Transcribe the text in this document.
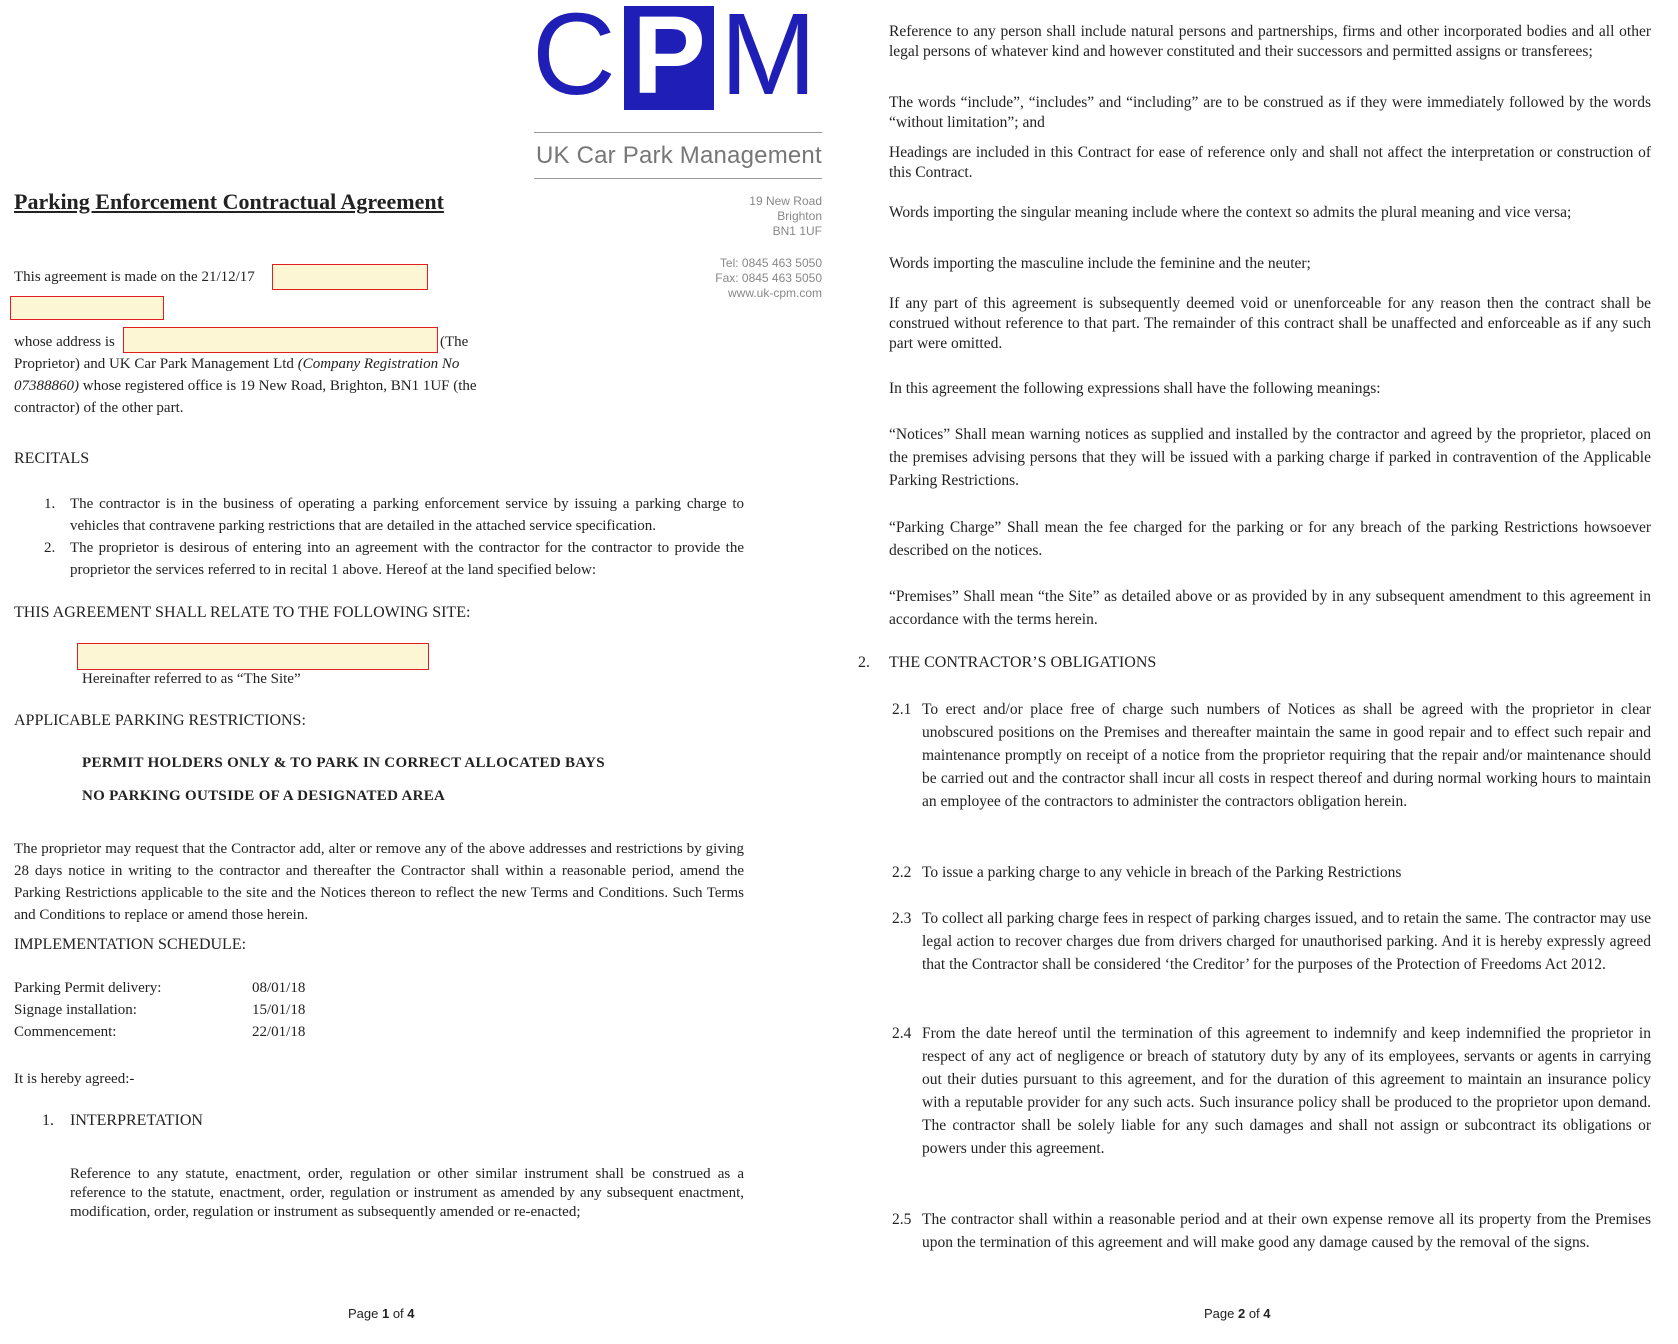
C P M
UK Car Park Management
19 New Road
Brighton
BN1 1UF
Tel: 0845 463 5050
Fax: 0845 463 5050
www.uk-cpm.com
Parking Enforcement Contractual Agreement
This agreement is made on the 21/12/17
whose address is	(The
Proprietor) and UK Car Park Management Ltd (Company Registration No 07388860) whose registered office is 19 New Road, Brighton, BN1 1UF (the contractor) of the other part.
RECITALS
1. The contractor is in the business of operating a parking enforcement service by issuing a parking charge to vehicles that contravene parking restrictions that are detailed in the attached service specification.
2. The proprietor is desirous of entering into an agreement with the contractor for the contractor to provide the proprietor the services referred to in recital 1 above. Hereof at the land specified below:
THIS AGREEMENT SHALL RELATE TO THE FOLLOWING SITE:
Hereinafter referred to as “The Site”
APPLICABLE PARKING RESTRICTIONS:
PERMIT HOLDERS ONLY & TO PARK IN CORRECT ALLOCATED BAYS
NO PARKING OUTSIDE OF A DESIGNATED AREA
The proprietor may request that the Contractor add, alter or remove any of the above addresses and restrictions by giving 28 days notice in writing to the contractor and thereafter the Contractor shall within a reasonable period, amend the Parking Restrictions applicable to the site and the Notices thereon to reflect the new Terms and Conditions. Such Terms and Conditions to replace or amend those herein.
IMPLEMENTATION SCHEDULE:
Parking Permit delivery:	08/01/18
Signage installation:	15/01/18
Commencement:	22/01/18
It is hereby agreed:-
1. INTERPRETATION
Reference to any statute, enactment, order, regulation or other similar instrument shall be construed as a reference to the statute, enactment, order, regulation or instrument as amended by any subsequent enactment, modification, order, regulation or instrument as subsequently amended or re-enacted;
Page 1 of 4
Reference to any person shall include natural persons and partnerships, firms and other incorporated bodies and all other legal persons of whatever kind and however constituted and their successors and permitted assigns or transferees;
The words “include”, “includes” and “including” are to be construed as if they were immediately followed by the words “without limitation”; and
Headings are included in this Contract for ease of reference only and shall not affect the interpretation or construction of this Contract.
Words importing the singular meaning include where the context so admits the plural meaning and vice versa;
Words importing the masculine include the feminine and the neuter;
If any part of this agreement is subsequently deemed void or unenforceable for any reason then the contract shall be construed without reference to that part. The remainder of this contract shall be unaffected and enforceable as if any such part were omitted.
In this agreement the following expressions shall have the following meanings:
“Notices” Shall mean warning notices as supplied and installed by the contractor and agreed by the proprietor, placed on the premises advising persons that they will be issued with a parking charge if parked in contravention of the Applicable Parking Restrictions.
“Parking Charge” Shall mean the fee charged for the parking or for any breach of the parking Restrictions howsoever described on the notices.
“Premises” Shall mean “the Site” as detailed above or as provided by in any subsequent amendment to this agreement in accordance with the terms herein.
2. THE CONTRACTOR’S OBLIGATIONS
2.1 To erect and/or place free of charge such numbers of Notices as shall be agreed with the proprietor in clear unobscured positions on the Premises and thereafter maintain the same in good repair and to effect such repair and maintenance promptly on receipt of a notice from the proprietor requiring that the repair and/or maintenance should be carried out and the contractor shall incur all costs in respect thereof and during normal working hours to maintain an employee of the contractors to administer the contractors obligation herein.
2.2 To issue a parking charge to any vehicle in breach of the Parking Restrictions
2.3 To collect all parking charge fees in respect of parking charges issued, and to retain the same. The contractor may use legal action to recover charges due from drivers charged for unauthorised parking. And it is hereby expressly agreed that the Contractor shall be considered ‘the Creditor’ for the purposes of the Protection of Freedoms Act 2012.
2.4 From the date hereof until the termination of this agreement to indemnify and keep indemnified the proprietor in respect of any act of negligence or breach of statutory duty by any of its employees, servants or agents in carrying out their duties pursuant to this agreement, and for the duration of this agreement to maintain an insurance policy with a reputable provider for any such acts. Such insurance policy shall be produced to the proprietor upon demand. The contractor shall be solely liable for any such damages and shall not assign or subcontract its obligations or powers under this agreement.
2.5 The contractor shall within a reasonable period and at their own expense remove all its property from the Premises upon the termination of this agreement and will make good any damage caused by the removal of the signs.
Page 2 of 4
